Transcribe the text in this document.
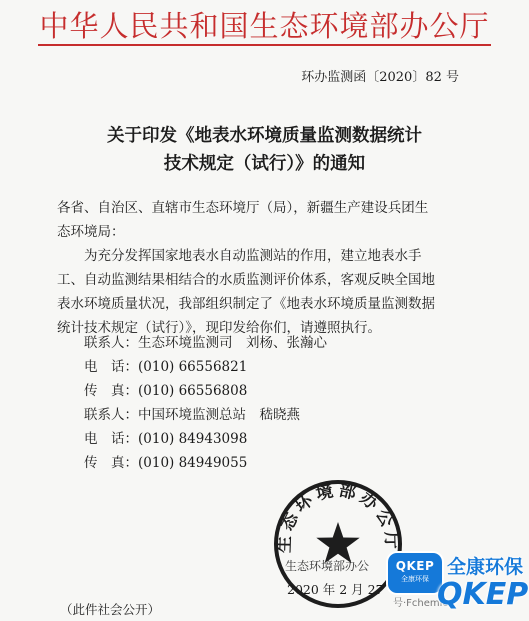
中华人民共和国生态环境部办公厅
环办监测函〔2020〕82 号
关于印发《地表水环境质量监测数据统计
技术规定（试行）》的通知
各省、自治区、直辖市生态环境厅（局），新疆生产建设兵团生
态环境局：
为充分发挥国家地表水自动监测站的作用，建立地表水手
工、自动监测结果相结合的水质监测评价体系，客观反映全国地
表水环境质量状况，我部组织制定了《地表水环境质量监测数据
统计技术规定（试行）》，现印发给你们，请遵照执行。
联系人：生态环境监测司　刘杨、张瀚心
电　话：(010) 66556821
传　真：(010) 66556808
联系人：中国环境监测总站　嵇晓燕
电　话：(010) 84943098
传　真：(010) 84949055
生态环境部办公厅
生态环境部办公
2020 年 2 月 27
（此件社会公开）	号·Fchemic
QKEP
全康环保
全康环保
QKEP
